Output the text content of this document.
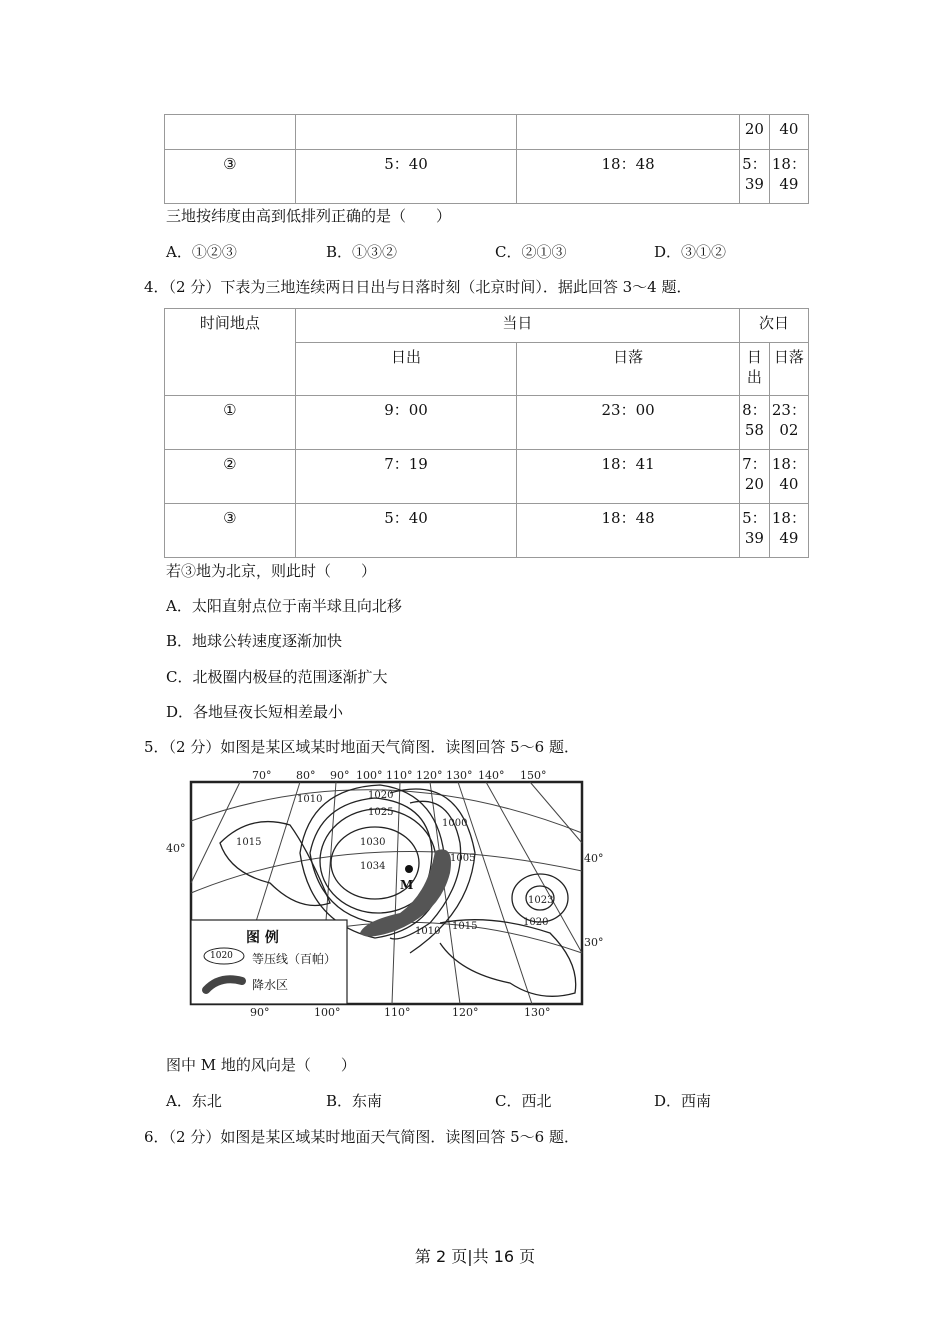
			20	40
③	5：40	18：48	5：39	18：49
三地按纬度由高到低排列正确的是（　　）
A．①②③	B．①③②	C．②①③	D．③①②
4．（2 分）下表为三地连续两日日出与日落时刻（北京时间）．据此回答 3～4 题．
时间地点	当日		次日	
	日出	日落	日出	日落
①	9：00	23：00	8：58	23：02
②	7：19	18：41	7：20	18：40
③	5：40	18：48	5：39	18：49
若③地为北京，则此时（　　）
A．太阳直射点位于南半球且向北移
B．地球公转速度逐渐加快
C．北极圈内极昼的范围逐渐扩大
D．各地昼夜长短相差最小
5．（2 分）如图是某区域某时地面天气简图．读图回答 5～6 题．
70° 80° 90° 100° 110° 120° 130° 140° 150°
40°
40°
30°
90°	100°	110°	120°	130°
1010
1015
1020
1025
1030
1034
1000
1005
1010 1015
1023
1020
M
图 例
1020 等压线（百帕）
降水区
图中 M 地的风向是（　　）
A．东北	B．东南	C．西北	D．西南
6．（2 分）如图是某区域某时地面天气简图．读图回答 5～6 题．
第 2 页|共 16 页
